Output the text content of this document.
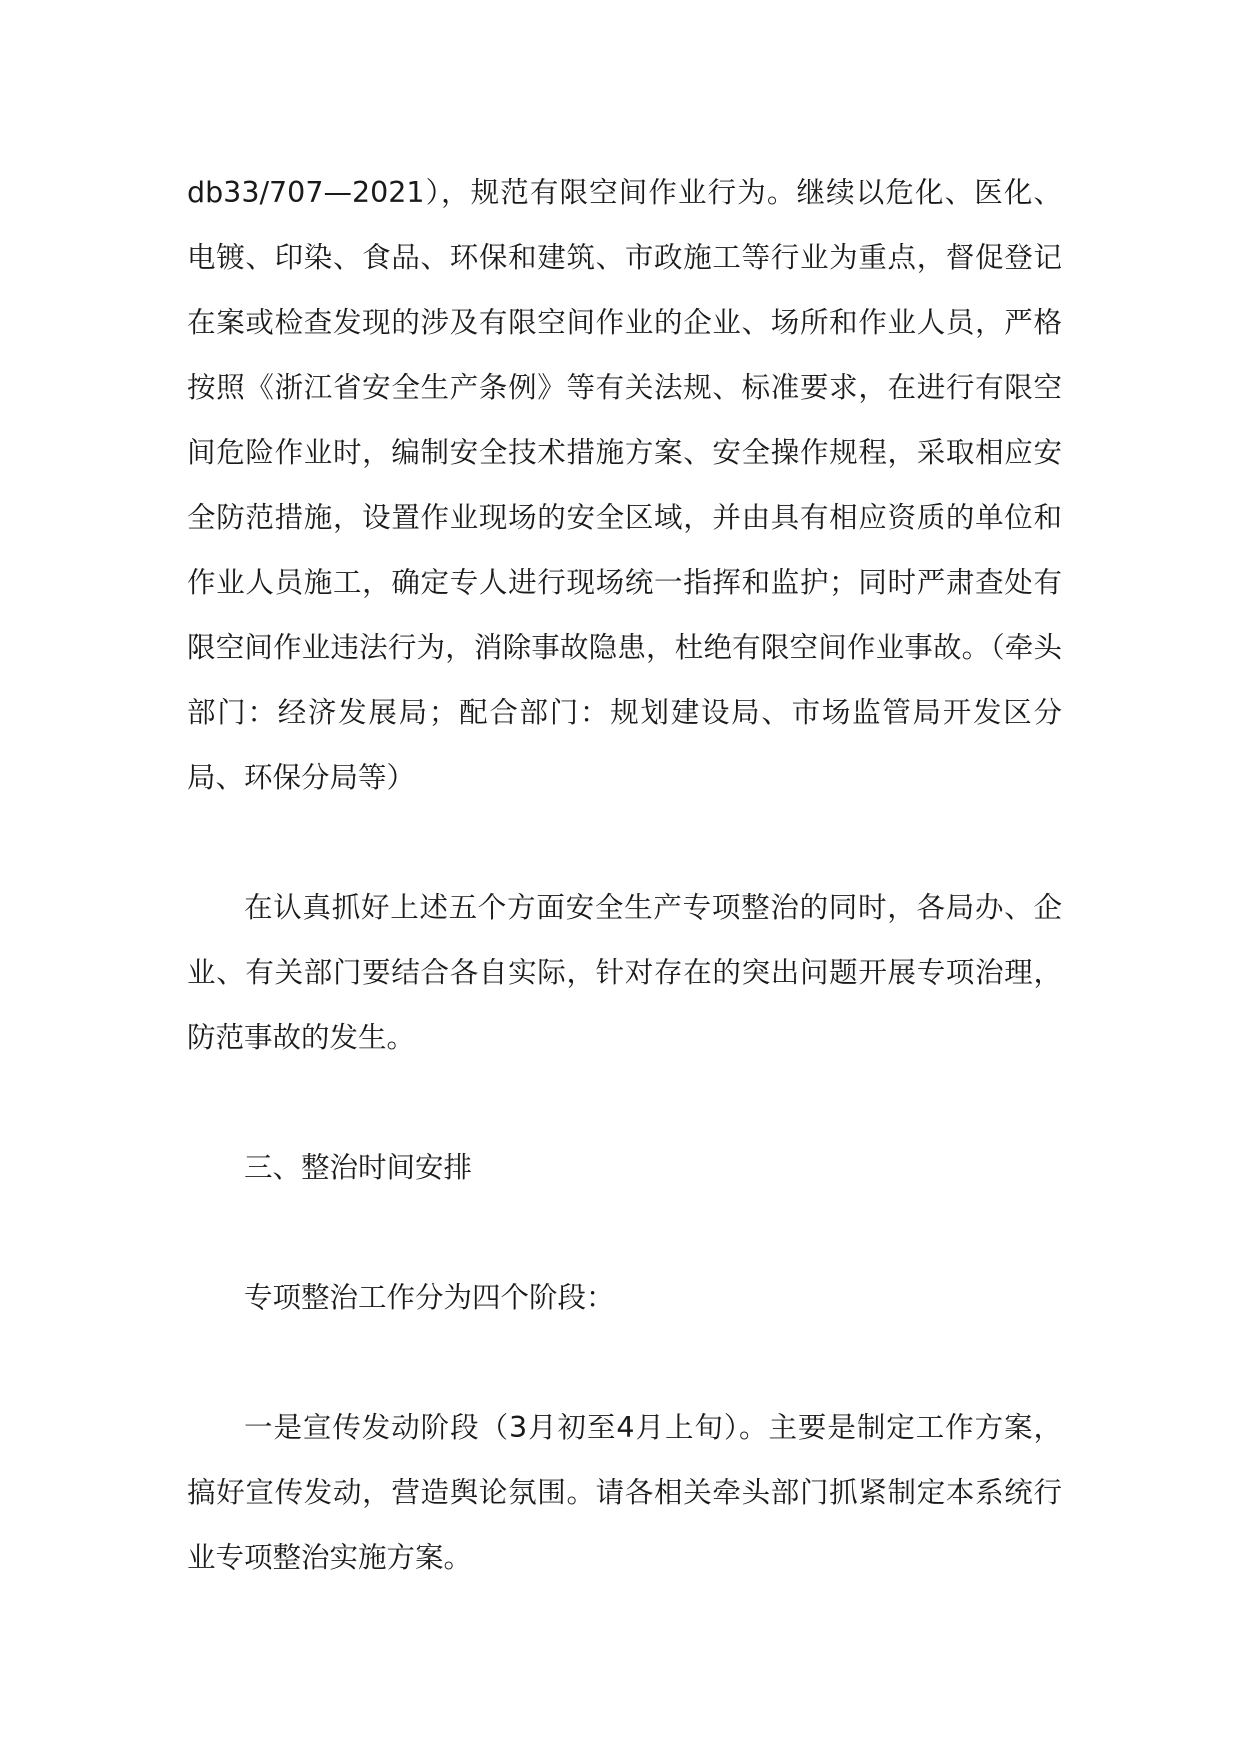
db33/707—2021），规范有限空间作业行为。继续以危化、医化、电镀、印染、食品、环保和建筑、市政施工等行业为重点，督促登记在案或检查发现的涉及有限空间作业的企业、场所和作业人员，严格按照《浙江省安全生产条例》等有关法规、标准要求，在进行有限空间危险作业时，编制安全技术措施方案、安全操作规程，采取相应安全防范措施，设置作业现场的安全区域，并由具有相应资质的单位和作业人员施工，确定专人进行现场统一指挥和监护；同时严肃查处有限空间作业违法行为，消除事故隐患，杜绝有限空间作业事故。（牵头部门：经济发展局；配合部门：规划建设局、市场监管局开发区分局、环保分局等）

在认真抓好上述五个方面安全生产专项整治的同时，各局办、企业、有关部门要结合各自实际，针对存在的突出问题开展专项治理，防范事故的发生。

三、整治时间安排

专项整治工作分为四个阶段：

一是宣传发动阶段（3月初至4月上旬）。主要是制定工作方案，搞好宣传发动，营造舆论氛围。请各相关牵头部门抓紧制定本系统行业专项整治实施方案。
